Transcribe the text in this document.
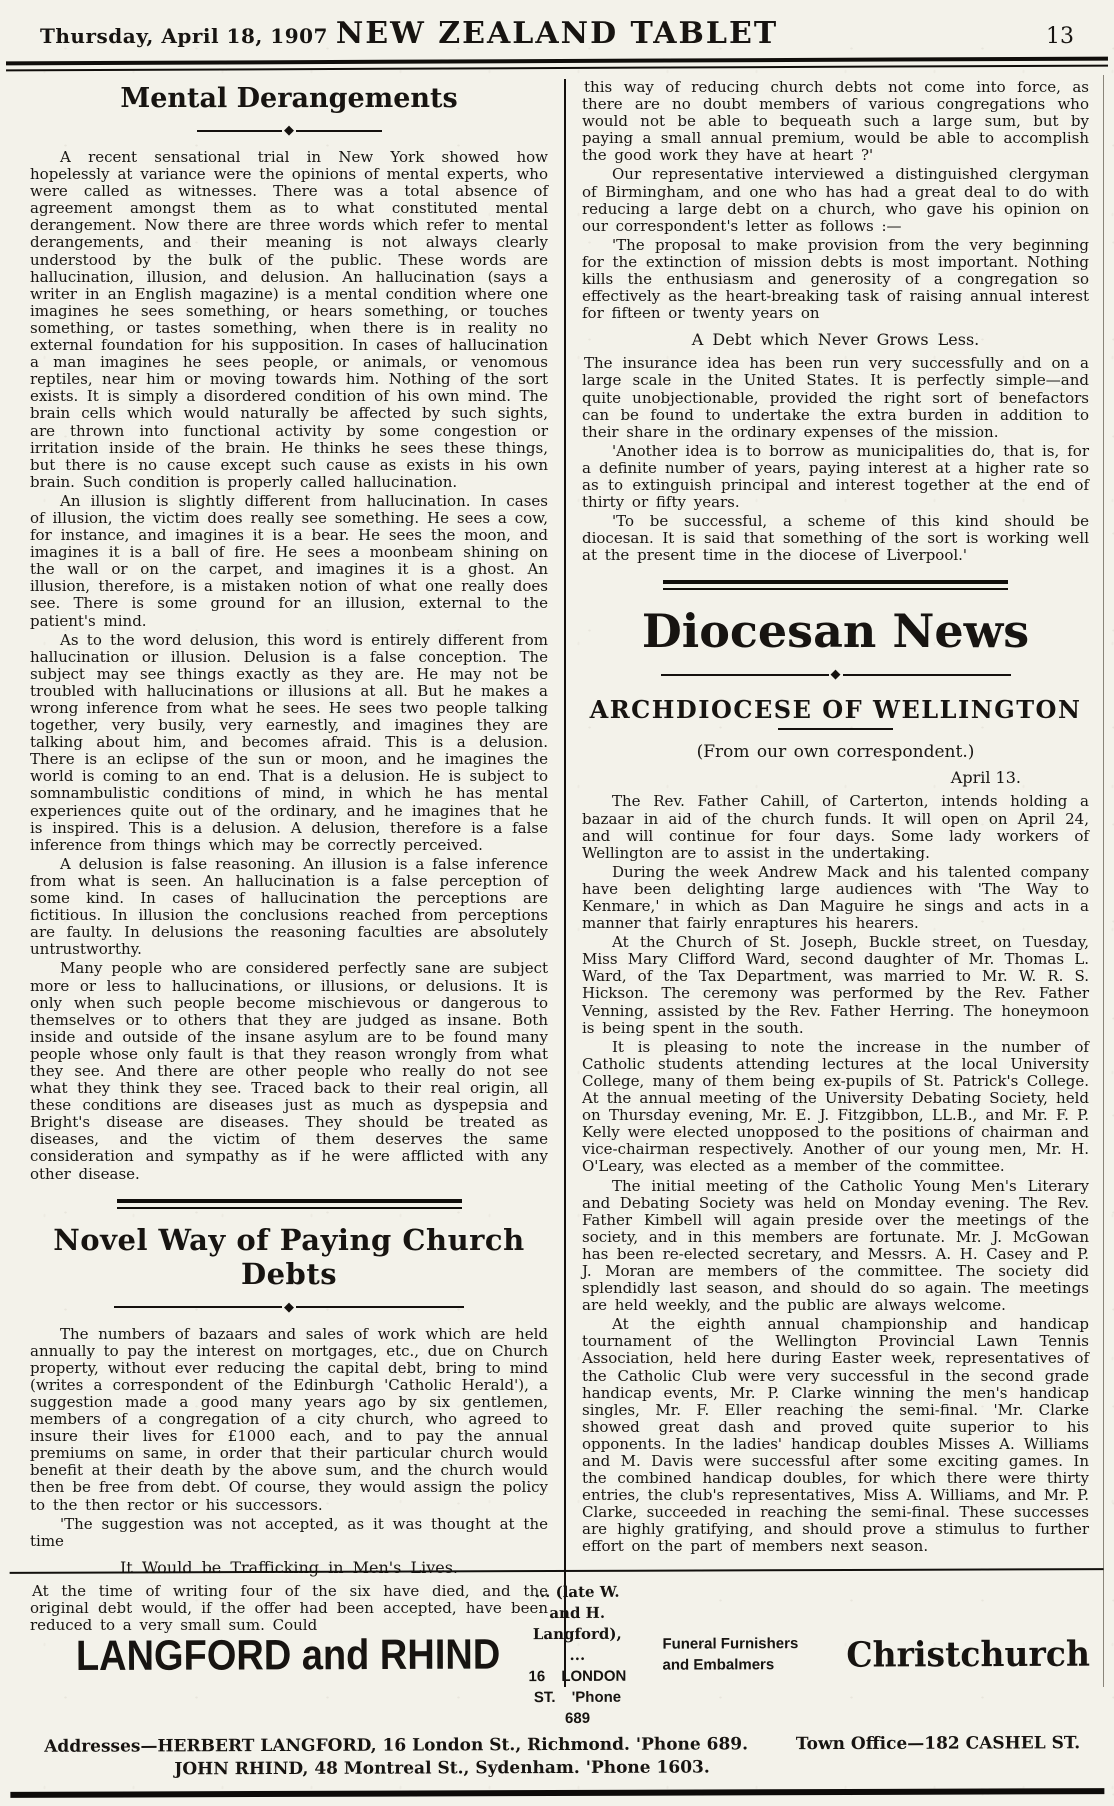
Thursday, April 18, 1907 NEW ZEALAND TABLET	13
Mental Derangements
◆

A recent sensational trial in New York showed how hopelessly at variance were the opinions of mental experts, who were called as witnesses. There was a total absence of agreement amongst them as to what constituted mental derangement. Now there are three words which refer to mental derangements, and their meaning is not always clearly understood by the bulk of the public. These words are hallucination, illusion, and delusion. An hallucination (says a writer in an English magazine) is a mental condition where one imagines he sees something, or hears something, or touches something, or tastes something, when there is in reality no external foundation for his supposition. In cases of hallucination a man imagines he sees people, or animals, or venomous reptiles, near him or moving towards him. Nothing of the sort exists. It is simply a disordered condition of his own mind. The brain cells which would naturally be affected by such sights, are thrown into functional activity by some congestion or irritation inside of the brain. He thinks he sees these things, but there is no cause except such cause as exists in his own brain. Such condition is properly called hallucination.

An illusion is slightly different from hallucination. In cases of illusion, the victim does really see something. He sees a cow, for instance, and imagines it is a bear. He sees the moon, and imagines it is a ball of fire. He sees a moonbeam shining on the wall or on the carpet, and imagines it is a ghost. An illusion, therefore, is a mistaken notion of what one really does see. There is some ground for an illusion, external to the patient's mind.

As to the word delusion, this word is entirely different from hallucination or illusion. Delusion is a false conception. The subject may see things exactly as they are. He may not be troubled with hallucinations or illusions at all. But he makes a wrong inference from what he sees. He sees two people talking together, very busily, very earnestly, and imagines they are talking about him, and becomes afraid. This is a delusion. There is an eclipse of the sun or moon, and he imagines the world is coming to an end. That is a delusion. He is subject to somnambulistic conditions of mind, in which he has mental experiences quite out of the ordinary, and he imagines that he is inspired. This is a delusion. A delusion, therefore is a false inference from things which may be correctly perceived.

A delusion is false reasoning. An illusion is a false inference from what is seen. An hallucination is a false perception of some kind. In cases of hallucination the perceptions are fictitious. In illusion the conclusions reached from perceptions are faulty. In delusions the reasoning faculties are absolutely untrustworthy.

Many people who are considered perfectly sane are subject more or less to hallucinations, or illusions, or delusions. It is only when such people become mischievous or dangerous to themselves or to others that they are judged as insane. Both inside and outside of the insane asylum are to be found many people whose only fault is that they reason wrongly from what they see. And there are other people who really do not see what they think they see. Traced back to their real origin, all these conditions are diseases just as much as dyspepsia and Bright's disease are diseases. They should be treated as diseases, and the victim of them deserves the same consideration and sympathy as if he were afflicted with any other disease.

Novel Way of Paying Church Debts
◆

The numbers of bazaars and sales of work which are held annually to pay the interest on mortgages, etc., due on Church property, without ever reducing the capital debt, bring to mind (writes a correspondent of the Edinburgh 'Catholic Herald'), a suggestion made a good many years ago by six gentlemen, members of a congregation of a city church, who agreed to insure their lives for £1000 each, and to pay the annual premiums on same, in order that their particular church would benefit at their death by the above sum, and the church would then be free from debt. Of course, they would assign the policy to the then rector or his successors.

'The suggestion was not accepted, as it was thought at the time

It Would be Trafficking in Men's Lives.

At the time of writing four of the six have died, and the original debt would, if the offer had been accepted, have been reduced to a very small sum. Could

this way of reducing church debts not come into force, as there are no doubt members of various congregations who would not be able to bequeath such a large sum, but by paying a small annual premium, would be able to accomplish the good work they have at heart ?'

Our representative interviewed a distinguished clergyman of Birmingham, and one who has had a great deal to do with reducing a large debt on a church, who gave his opinion on our correspondent's letter as follows :—

'The proposal to make provision from the very beginning for the extinction of mission debts is most important. Nothing kills the enthusiasm and generosity of a congregation so effectively as the heart-breaking task of raising annual interest for fifteen or twenty years on

A Debt which Never Grows Less.

The insurance idea has been run very successfully and on a large scale in the United States. It is perfectly simple—and quite unobjectionable, provided the right sort of benefactors can be found to undertake the extra burden in addition to their share in the ordinary expenses of the mission.

'Another idea is to borrow as municipalities do, that is, for a definite number of years, paying interest at a higher rate so as to extinguish principal and interest together at the end of thirty or fifty years.

'To be successful, a scheme of this kind should be diocesan. It is said that something of the sort is working well at the present time in the diocese of Liverpool.'

Diocesan News
◆
ARCHDIOCESE OF WELLINGTON
(From our own correspondent.)
April 13.

The Rev. Father Cahill, of Carterton, intends holding a bazaar in aid of the church funds. It will open on April 24, and will continue for four days. Some lady workers of Wellington are to assist in the undertaking.

During the week Andrew Mack and his talented company have been delighting large audiences with 'The Way to Kenmare,' in which as Dan Maguire he sings and acts in a manner that fairly enraptures his hearers.

At the Church of St. Joseph, Buckle street, on Tuesday, Miss Mary Clifford Ward, second daughter of Mr. Thomas L. Ward, of the Tax Department, was married to Mr. W. R. S. Hickson. The ceremony was performed by the Rev. Father Venning, assisted by the Rev. Father Herring. The honeymoon is being spent in the south.

It is pleasing to note the increase in the number of Catholic students attending lectures at the local University College, many of them being ex-pupils of St. Patrick's College. At the annual meeting of the University Debating Society, held on Thursday evening, Mr. E. J. Fitzgibbon, LL.B., and Mr. F. P. Kelly were elected unopposed to the positions of chairman and vice-chairman respectively. Another of our young men, Mr. H. O'Leary, was elected as a member of the committee.

The initial meeting of the Catholic Young Men's Literary and Debating Society was held on Monday evening. The Rev. Father Kimbell will again preside over the meetings of the society, and in this members are fortunate. Mr. J. McGowan has been re-elected secretary, and Messrs. A. H. Casey and P. J. Moran are members of the committee. The society did splendidly last season, and should do so again. The meetings are held weekly, and the public are always welcome.

At the eighth annual championship and handicap tournament of the Wellington Provincial Lawn Tennis Association, held here during Easter week, representatives of the Catholic Club were very successful in the second grade handicap events, Mr. P. Clarke winning the men's handicap singles, Mr. F. Eller reaching the semi-final. 'Mr. Clarke showed great dash and proved quite superior to his opponents. In the ladies' handicap doubles Misses A. Williams and M. Davis were successful after some exciting games. In the combined handicap doubles, for which there were thirty entries, the club's representatives, Miss A. Williams, and Mr. P. Clarke, succeeded in reaching the semi-final. These successes are highly gratifying, and should prove a stimulus to further effort on the part of members next season.

LANGFORD and RHIND
... (late W. and H. Langford), ...
16 LONDON ST. 'Phone 689
Funeral Furnishers
and Embalmers	Christchurch
Addresses—HERBERT LANGFORD, 16 London St., Richmond. 'Phone 689.	Town Office—182 CASHEL ST.
JOHN RHIND, 48 Montreal St., Sydenham. 'Phone 1603.
